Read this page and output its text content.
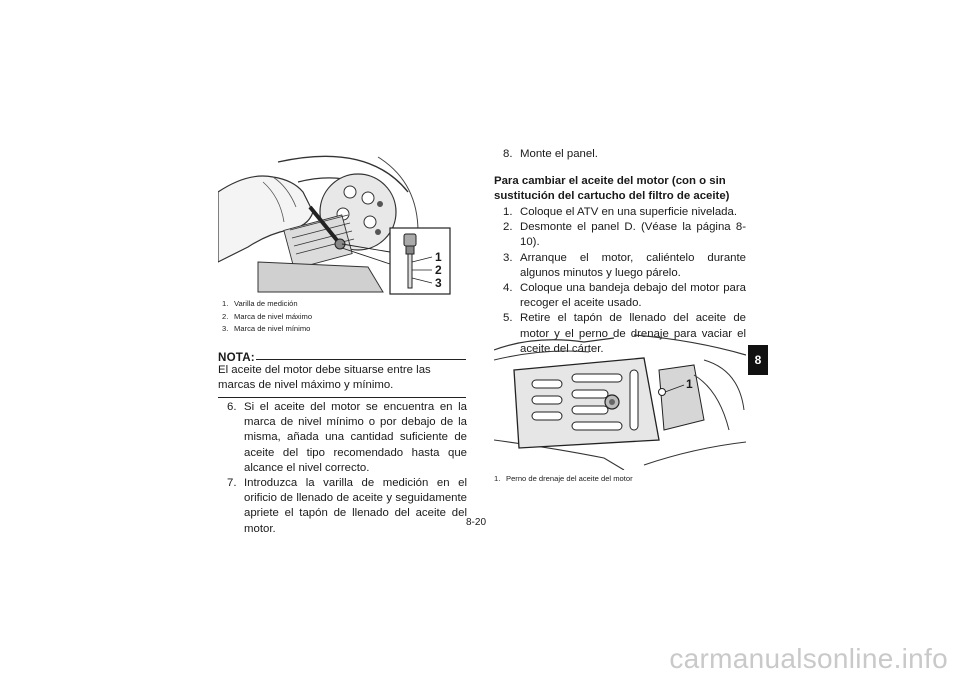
1
2
3
1. Varilla de medición
2. Marca de nivel máximo
3. Marca de nivel mínimo
NOTA:
El aceite del motor debe situarse entre las marcas de nivel máximo y mínimo.
6. Si el aceite del motor se encuentra en la marca de nivel mínimo o por debajo de la misma, añada una cantidad suficiente de aceite del tipo recomendado hasta que alcance el nivel correcto.
7. Introduzca la varilla de medición en el orificio de llenado de aceite y seguidamente apriete el tapón de llenado del aceite del motor.
8. Monte el panel.
Para cambiar el aceite del motor (con o sin sustitución del cartucho del filtro de aceite)
1. Coloque el ATV en una superficie nivelada.
2. Desmonte el panel D. (Véase la página 8-10).
3. Arranque el motor, caliéntelo durante algunos minutos y luego párelo.
4. Coloque una bandeja debajo del motor para recoger el aceite usado.
5. Retire el tapón de llenado del aceite de motor y el perno de drenaje para vaciar el aceite del cárter.
1
1. Perno de drenaje del aceite del motor
8
8-20
carmanualsonline.info
